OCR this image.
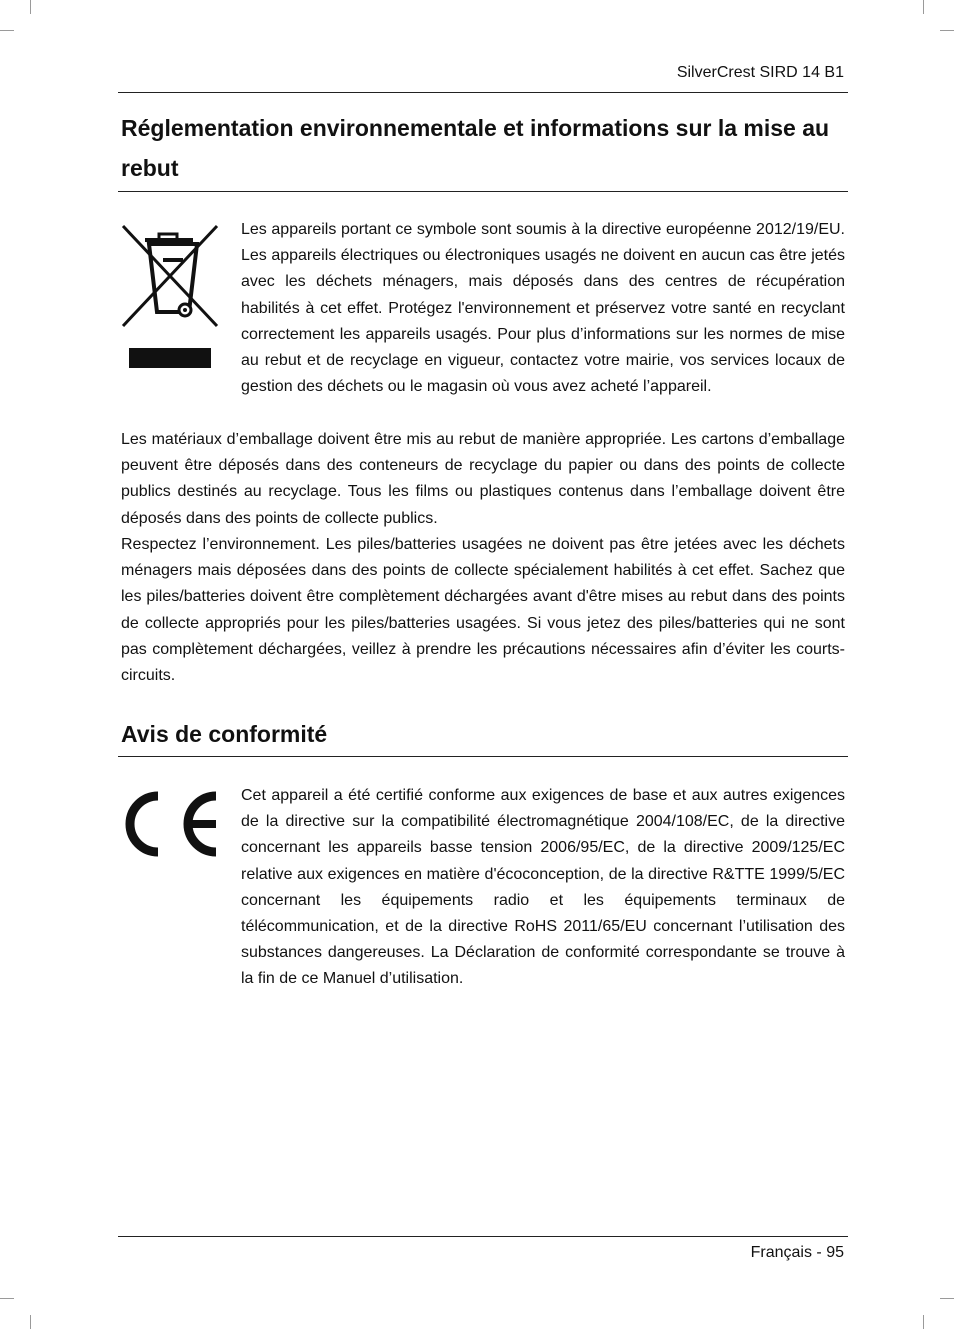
SilverCrest SIRD 14 B1
Réglementation environnementale et informations sur la mise au rebut

Les appareils portant ce symbole sont soumis à la directive européenne 2012/19/EU. Les appareils électriques ou électroniques usagés ne doivent en aucun cas être jetés avec les déchets ménagers, mais déposés dans des centres de récupération habilités à cet effet. Protégez l'environnement et préservez votre santé en recyclant correctement les appareils usagés. Pour plus d’informations sur les normes de mise au rebut et de recyclage en vigueur, contactez votre mairie, vos services locaux de gestion des déchets ou le magasin où vous avez acheté l’appareil.

Les matériaux d’emballage doivent être mis au rebut de manière appropriée. Les cartons d’emballage peuvent être déposés dans des conteneurs de recyclage du papier ou dans des points de collecte publics destinés au recyclage. Tous les films ou plastiques contenus dans l’emballage doivent être déposés dans des points de collecte publics.

Respectez l’environnement. Les piles/batteries usagées ne doivent pas être jetées avec les déchets ménagers mais déposées dans des points de collecte spécialement habilités à cet effet. Sachez que les piles/batteries doivent être complètement déchargées avant d'être mises au rebut dans des points de collecte appropriés pour les piles/batteries usagées. Si vous jetez des piles/batteries qui ne sont pas complètement déchargées, veillez à prendre les précautions nécessaires afin d’éviter les courts-circuits.

Avis de conformité

Cet appareil a été certifié conforme aux exigences de base et aux autres exigences de la directive sur la compatibilité électromagnétique 2004/108/EC, de la directive concernant les appareils basse tension 2006/95/EC, de la directive 2009/125/EC relative aux exigences en matière d'écoconception, de la directive R&TTE 1999/5/EC concernant les équipements radio et les équipements terminaux de télécommunication, et de la directive RoHS 2011/65/EU concernant l’utilisation des substances dangereuses. La Déclaration de conformité correspondante se trouve à la fin de ce Manuel d’utilisation.

Français - 95
